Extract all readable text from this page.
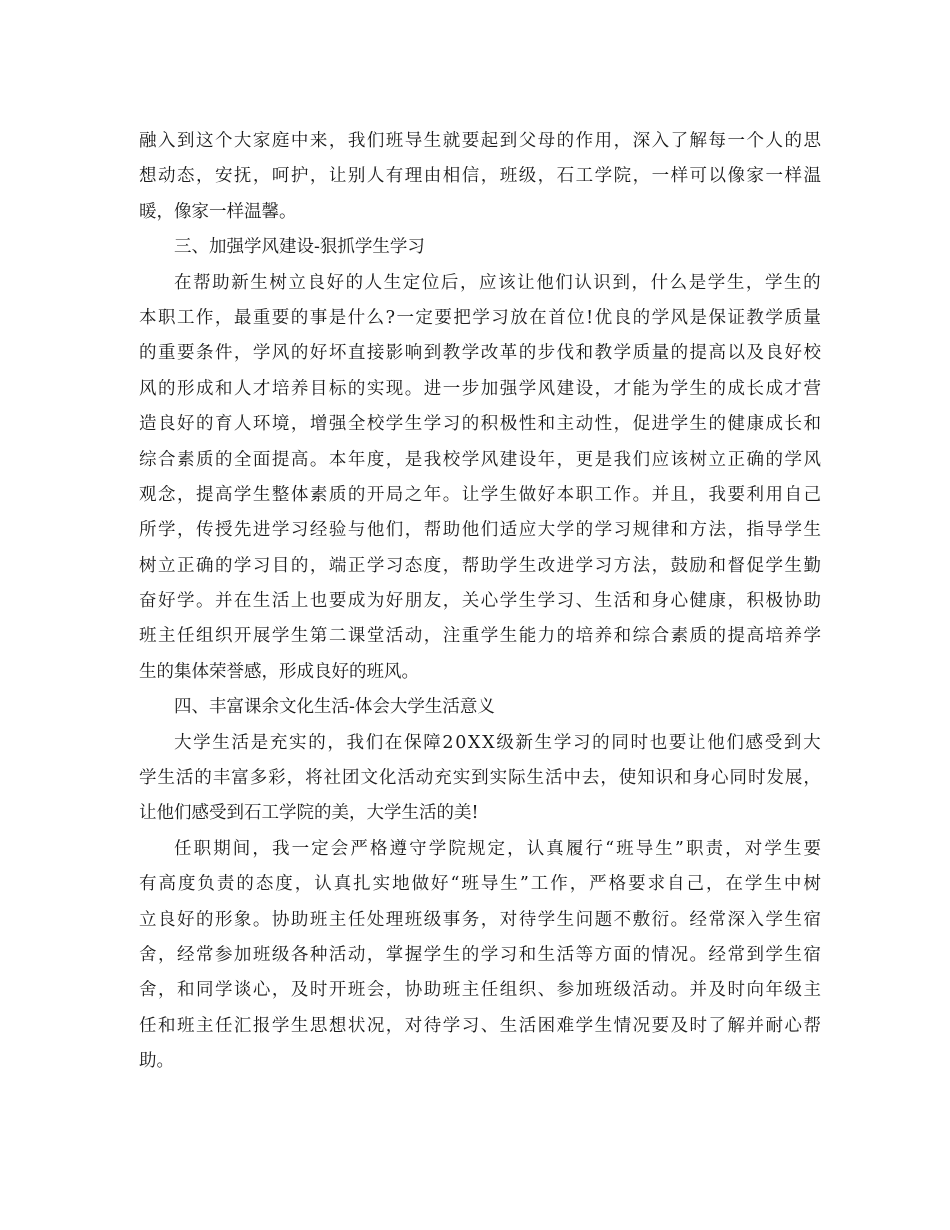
融 入 到 这 个 大 家 庭 中 来 ， 我 们 班 导 生 就 要 起 到 父 母 的 作 用 ， 深 入 了 解 每 一 个 人 的 思
想 动 态 ， 安 抚 ， 呵 护 ， 让 别 人 有 理 由 相 信 ， 班 级 ， 石 工 学 院 ， 一 样 可 以 像 家 一 样 温
暖，像家一样温馨。
三、加强学风建设-狠抓学生学习
在 帮 助 新 生 树 立 良 好 的 人 生 定 位 后 ， 应 该 让 他 们 认 识 到 ， 什 么 是 学 生 ， 学 生 的
本 职 工 作 ， 最 重 要 的 事 是 什 么 ? 一 定 要 把 学 习 放 在 首 位 ! 优 良 的 学 风 是 保 证 教 学 质 量
的 重 要 条 件 ， 学 风 的 好 坏 直 接 影 响 到 教 学 改 革 的 步 伐 和 教 学 质 量 的 提 高 以 及 良 好 校
风 的 形 成 和 人 才 培 养 目 标 的 实 现 。 进 一 步 加 强 学 风 建 设 ， 才 能 为 学 生 的 成 长 成 才 营
造 良 好 的 育 人 环 境 ， 增 强 全 校 学 生 学 习 的 积 极 性 和 主 动 性 ， 促 进 学 生 的 健 康 成 长 和
综 合 素 质 的 全 面 提 高 。 本 年 度 ， 是 我 校 学 风 建 设 年 ， 更 是 我 们 应 该 树 立 正 确 的 学 风
观 念 ， 提 高 学 生 整 体 素 质 的 开 局 之 年 。 让 学 生 做 好 本 职 工 作 。 并 且 ， 我 要 利 用 自 己
所 学 ， 传 授 先 进 学 习 经 验 与 他 们 ， 帮 助 他 们 适 应 大 学 的 学 习 规 律 和 方 法 ， 指 导 学 生
树 立 正 确 的 学 习 目 的 ， 端 正 学 习 态 度 ， 帮 助 学 生 改 进 学 习 方 法 ， 鼓 励 和 督 促 学 生 勤
奋 好 学 。 并 在 生 活 上 也 要 成 为 好 朋 友 ， 关 心 学 生 学 习 、 生 活 和 身 心 健 康 ， 积 极 协 助
班 主 任 组 织 开 展 学 生 第 二 课 堂 活 动 ， 注 重 学 生 能 力 的 培 养 和 综 合 素 质 的 提 高 培 养 学
生的集体荣誉感，形成良好的班风。
四、丰富课余文化生活-体会大学生活意义
大 学 生 活 是 充 实 的 ， 我 们 在 保 障 2 0 X X 级 新 生 学 习 的 同 时 也 要 让 他 们 感 受 到 大
学 生 活 的 丰 富 多 彩 ， 将 社 团 文 化 活 动 充 实 到 实 际 生 活 中 去 ， 使 知 识 和 身 心 同 时 发 展 ，
让他们感受到石工学院的美，大学生活的美!
任 职 期 间 ， 我 一 定 会 严 格 遵 守 学 院 规 定 ， 认 真 履 行 “ 班 导 生 ” 职 责 ， 对 学 生 要
有 高 度 负 责 的 态 度 ， 认 真 扎 实 地 做 好 “ 班 导 生 ” 工 作 ， 严 格 要 求 自 己 ， 在 学 生 中 树
立 良 好 的 形 象 。 协 助 班 主 任 处 理 班 级 事 务 ， 对 待 学 生 问 题 不 敷 衍 。 经 常 深 入 学 生 宿
舍 ， 经 常 参 加 班 级 各 种 活 动 ， 掌 握 学 生 的 学 习 和 生 活 等 方 面 的 情 况 。 经 常 到 学 生 宿
舍 ， 和 同 学 谈 心 ， 及 时 开 班 会 ， 协 助 班 主 任 组 织 、 参 加 班 级 活 动 。 并 及 时 向 年 级 主
任 和 班 主 任 汇 报 学 生 思 想 状 况 ， 对 待 学 习 、 生 活 困 难 学 生 情 况 要 及 时 了 解 并 耐 心 帮
助。
